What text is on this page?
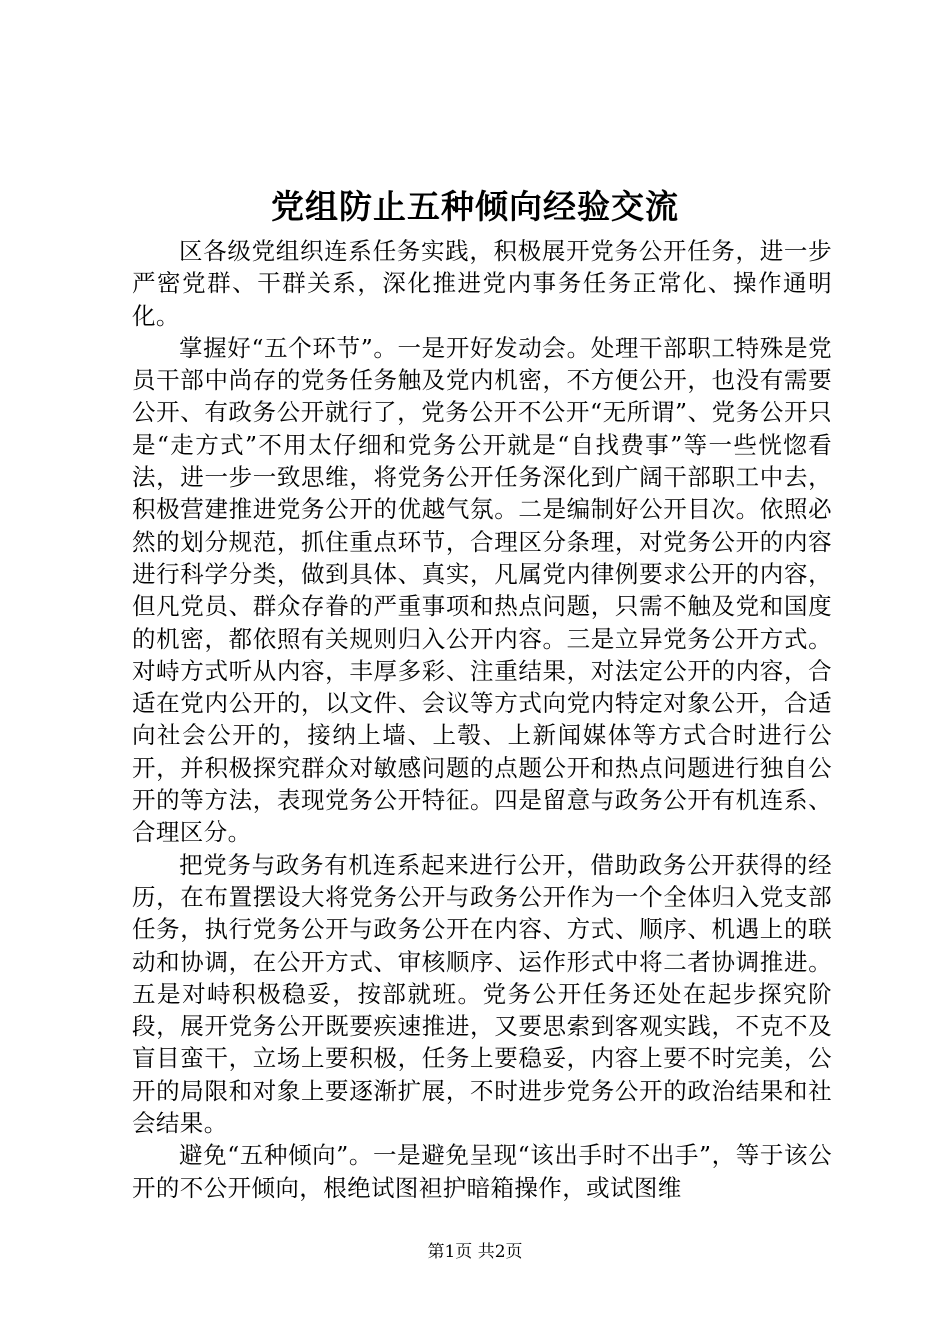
党组防止五种倾向经验交流

区各级党组织连系任务实践，积极展开党务公开任务，进一步严密党群、干群关系，深化推进党内事务任务正常化、操作通明化。

掌握好“五个环节”。一是开好发动会。处理干部职工特殊是党员干部中尚存的党务任务触及党内机密，不方便公开，也没有需要公开、有政务公开就行了，党务公开不公开“无所谓”、党务公开只是“走方式”不用太仔细和党务公开就是“自找费事”等一些恍惚看法，进一步一致思维，将党务公开任务深化到广阔干部职工中去，积极营建推进党务公开的优越气氛。二是编制好公开目次。依照必然的划分规范，抓住重点环节，合理区分条理，对党务公开的内容进行科学分类，做到具体、真实，凡属党内律例要求公开的内容，但凡党员、群众存眷的严重事项和热点问题，只需不触及党和国度的机密，都依照有关规则归入公开内容。三是立异党务公开方式。对峙方式听从内容，丰厚多彩、注重结果，对法定公开的内容，合适在党内公开的，以文件、会议等方式向党内特定对象公开，合适向社会公开的，接纳上墙、上彀、上新闻媒体等方式合时进行公开，并积极探究群众对敏感问题的点题公开和热点问题进行独自公开的等方法，表现党务公开特征。四是留意与政务公开有机连系、合理区分。

把党务与政务有机连系起来进行公开，借助政务公开获得的经历，在布置摆设大将党务公开与政务公开作为一个全体归入党支部任务，执行党务公开与政务公开在内容、方式、顺序、机遇上的联动和协调，在公开方式、审核顺序、运作形式中将二者协调推进。五是对峙积极稳妥，按部就班。党务公开任务还处在起步探究阶段，展开党务公开既要疾速推进，又要思索到客观实践，不克不及盲目蛮干，立场上要积极，任务上要稳妥，内容上要不时完美，公开的局限和对象上要逐渐扩展，不时进步党务公开的政治结果和社会结果。

避免“五种倾向”。一是避免呈现“该出手时不出手”，等于该公开的不公开倾向，根绝试图袒护暗箱操作，或试图维

第1页 共2页
